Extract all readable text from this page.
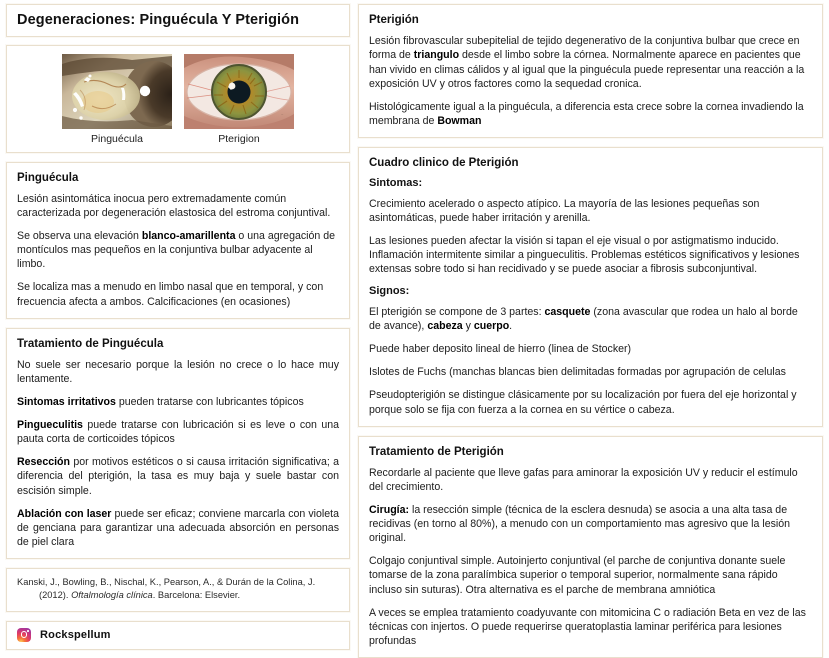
Degeneraciones: Pinguécula Y Pterigión
Pinguécula
~
Pterigion
Pinguécula

Lesión asintomática inocua pero extremadamente común caracterizada por degeneración elastosica del estroma conjuntival.

Se observa una elevación blanco-amarillenta o una agregación de montículos mas pequeños en la conjuntiva bulbar adyacente al limbo.

Se localiza mas a menudo en limbo nasal que en temporal, y con frecuencia afecta a ambos. Calcificaciones (en ocasiones)

Tratamiento de Pinguécula

No suele ser necesario porque la lesión no crece o lo hace muy lentamente.

Sintomas irritativos pueden tratarse con lubricantes tópicos

Pingueculitis puede tratarse con lubricación si es leve o con una pauta corta de corticoides tópicos

Resección por motivos estéticos o si causa irritación significativa; a diferencia del pterigión, la tasa es muy baja y suele bastar con escisión simple.

Ablación con laser puede ser eficaz; conviene marcarla con violeta de genciana para garantizar una adecuada absorción en personas de piel clara

Kanski, J., Bowling, B., Nischal, K., Pearson, A., & Durán de la Colina, J. (2012). Oftalmología clínica. Barcelona: Elsevier.
Rockspellum
Pterigión

Lesión fibrovascular subepitelial de tejido degenerativo de la conjuntiva bulbar que crece en forma de triangulo desde el limbo sobre la córnea. Normalmente aparece en pacientes que han vivido en climas cálidos y al igual que la pinguécula puede representar una reacción a la exposición UV y otros factores como la sequedad cronica.

Histológicamente igual a la pinguécula, a diferencia esta crece sobre la cornea invadiendo la membrana de Bowman

Cuadro clinico de Pterigión
Sintomas:

Crecimiento acelerado o aspecto atípico. La mayoría de las lesiones pequeñas son asintomáticas, puede haber irritación y arenilla.

Las lesiones pueden afectar la visión si tapan el eje visual o por astigmatismo inducido. Inflamación intermitente similar a pingueculitis. Problemas estéticos significativos y lesiones extensas sobre todo si han recidivado y se puede asociar a fibrosis subconjuntival.

Signos:

El pterigión se compone de 3 partes: casquete (zona avascular que rodea un halo al borde de avance), cabeza y cuerpo.

Puede haber deposito lineal de hierro (linea de Stocker)

Islotes de Fuchs (manchas blancas bien delimitadas formadas por agrupación de celulas

Pseudopterigión se distingue clásicamente por su localización por fuera del eje horizontal y porque solo se fija con fuerza a la cornea en su vértice o cabeza.

Tratamiento de Pterigión

Recordarle al paciente que lleve gafas para aminorar la exposición UV y reducir el estímulo del crecimiento.

Cirugía: la resección simple (técnica de la esclera desnuda) se asocia a una alta tasa de recidivas (en torno al 80%), a menudo con un comportamiento mas agresivo que la lesión original.

Colgajo conjuntival simple. Autoinjerto conjuntival (el parche de conjuntiva donante suele tomarse de la zona paralímbica superior o temporal superior, normalmente sana rápido incluso sin suturas). Otra alternativa es el parche de membrana amniótica

A veces se emplea tratamiento coadyuvante con mitomicina C o radiación Beta en vez de las técnicas con injertos. O puede requerirse queratoplastia laminar periférica para lesiones profundas
